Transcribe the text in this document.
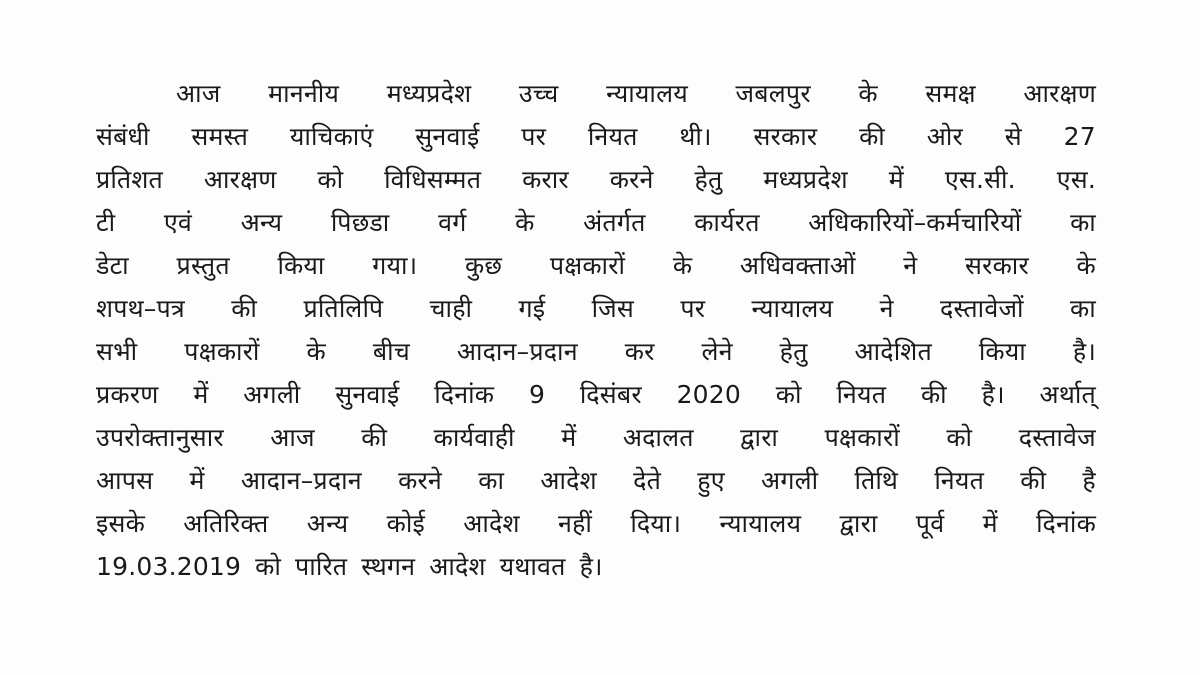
आज माननीय मध्यप्रदेश उच्च न्यायालय जबलपुर के समक्ष आरक्षण
संबंधी समस्त याचिकाएं सुनवाई पर नियत थी। सरकार की ओर से 27
प्रतिशत आरक्षण को विधिसम्मत करार करने हेतु मध्यप्रदेश में एस.सी. एस.
टी एवं अन्य पिछडा वर्ग के अंतर्गत कार्यरत अधिकारियों–कर्मचारियों का
डेटा प्रस्तुत किया गया। कुछ पक्षकारों के अधिवक्ताओं ने सरकार के
शपथ–पत्र की प्रतिलिपि चाही गई जिस पर न्यायालय ने दस्तावेजों का
सभी पक्षकारों के बीच आदान–प्रदान कर लेने हेतु आदेशित किया है।
प्रकरण में अगली सुनवाई दिनांक 9 दिसंबर 2020 को नियत की है। अर्थात्
उपरोक्तानुसार आज की कार्यवाही में अदालत द्वारा पक्षकारों को दस्तावेज
आपस में आदान–प्रदान करने का आदेश देते हुए अगली तिथि नियत की है
इसके अतिरिक्त अन्य कोई आदेश नहीं दिया। न्यायालय द्वारा पूर्व में दिनांक
19.03.2019 को पारित स्थगन आदेश यथावत है।
